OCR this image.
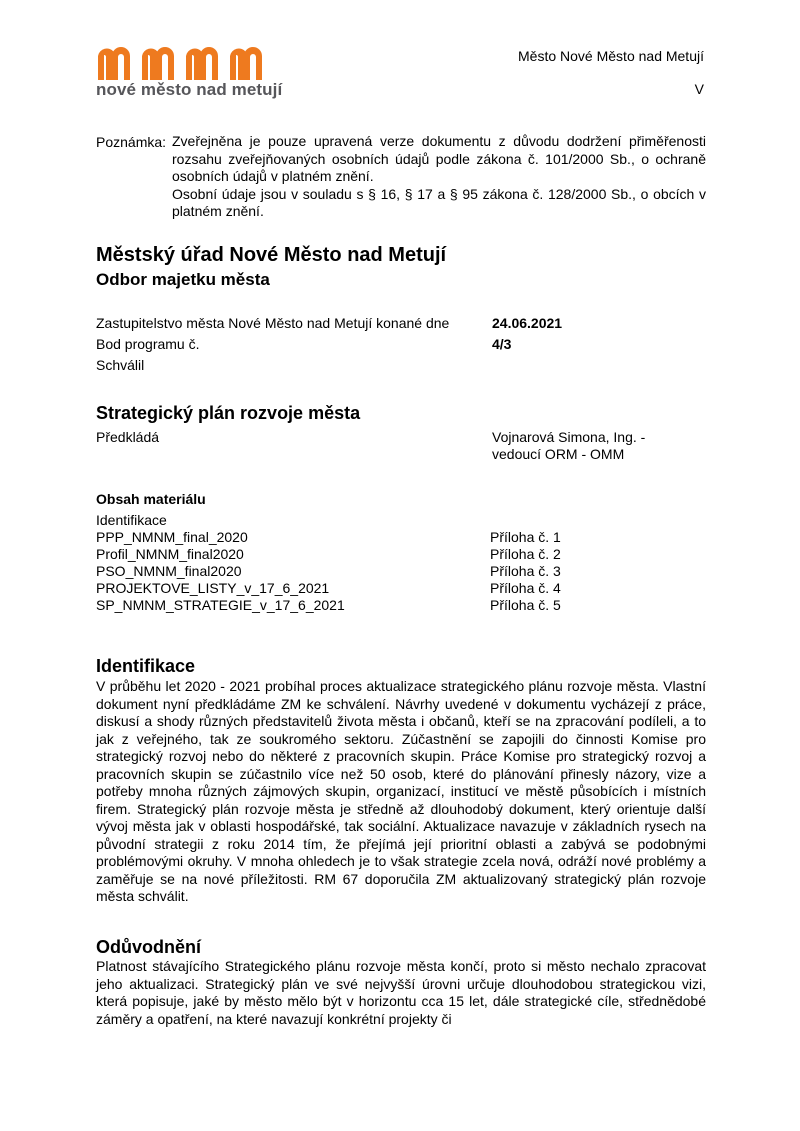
nové město nad metují
Město Nové Město nad Metují
V
Poznámka: Zveřejněna je pouze upravená verze dokumentu z důvodu dodržení přiměřenosti rozsahu zveřejňovaných osobních údajů podle zákona č. 101/2000 Sb., o ochraně osobních údajů v platném znění.

Osobní údaje jsou v souladu s § 16, § 17 a § 95 zákona č. 128/2000 Sb., o obcích v platném znění.

Městský úřad Nové Město nad Metují
Odbor majetku města
Zastupitelstvo města Nové Město nad Metují konané dne	24.06.2021
Bod programu č.	4/3
Schválil
Strategický plán rozvoje města
Předkládá	Vojnarová Simona, Ing. -
vedoucí ORM - OMM
Obsah materiálu
Identifikace
PPP_NMNM_final_2020	Příloha č. 1
Profil_NMNM_final2020	Příloha č. 2
PSO_NMNM_final2020	Příloha č. 3
PROJEKTOVE_LISTY_v_17_6_2021	Příloha č. 4
SP_NMNM_STRATEGIE_v_17_6_2021	Příloha č. 5
Identifikace

V průběhu let 2020 - 2021 probíhal proces aktualizace strategického plánu rozvoje města. Vlastní dokument nyní předkládáme ZM ke schválení. Návrhy uvedené v dokumentu vycházejí z práce, diskusí a shody různých představitelů života města i občanů, kteří se na zpracování podíleli, a to jak z veřejného, tak ze soukromého sektoru. Zúčastnění se zapojili do činnosti Komise pro strategický rozvoj nebo do některé z pracovních skupin. Práce Komise pro strategický rozvoj a pracovních skupin se zúčastnilo více než 50 osob, které do plánování přinesly názory, vize a potřeby mnoha různých zájmových skupin, organizací, institucí ve městě působících i místních firem. Strategický plán rozvoje města je středně až dlouhodobý dokument, který orientuje další vývoj města jak v oblasti hospodářské, tak sociální. Aktualizace navazuje v základních rysech na původní strategii z roku 2014 tím, že přejímá její prioritní oblasti a zabývá se podobnými problémovými okruhy. V mnoha ohledech je to však strategie zcela nová, odráží nové problémy a zaměřuje se na nové příležitosti. RM 67 doporučila ZM aktualizovaný strategický plán rozvoje města schválit.

Odůvodnění

Platnost stávajícího Strategického plánu rozvoje města končí, proto si město nechalo zpracovat jeho aktualizaci. Strategický plán ve své nejvyšší úrovni určuje dlouhodobou strategickou vizi, která popisuje, jaké by město mělo být v horizontu cca 15 let, dále strategické cíle, střednědobé záměry a opatření, na které navazují konkrétní projekty či
